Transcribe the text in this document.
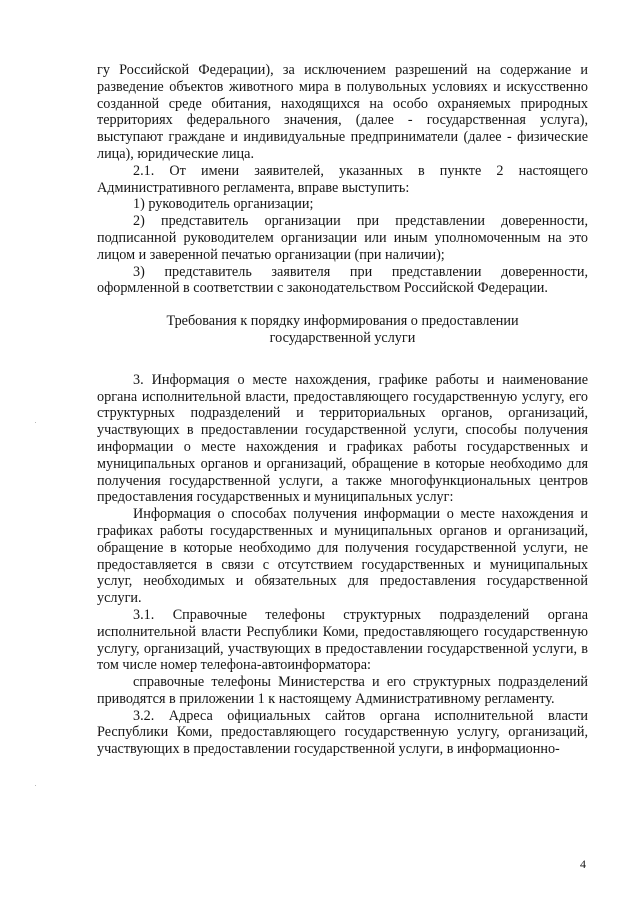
гу Российской Федерации), за исключением разрешений на содержание и разведение объектов животного мира в полувольных условиях и искусственно созданной среде обитания, находящихся на особо охраняемых природных территориях федерального значения, (далее - государственная услуга), выступают граждане и индивидуальные предприниматели (далее - физические лица), юридические лица.

2.1. От имени заявителей, указанных в пункте 2 настоящего Административного регламента, вправе выступить:

1) руководитель организации;

2) представитель организации при представлении доверенности, подписанной руководителем организации или иным уполномоченным на это лицом и заверенной печатью организации (при наличии);

3) представитель заявителя при представлении доверенности, оформленной в соответствии с законодательством Российской Федерации.

Требования к порядку информирования о предоставлении государственной услуги

3. Информация о месте нахождения, графике работы и наименование органа исполнительной власти, предоставляющего государственную услугу, его структурных подразделений и территориальных органов, организаций, участвующих в предоставлении государственной услуги, способы получения информации о месте нахождения и графиках работы государственных и муниципальных органов и организаций, обращение в которые необходимо для получения государственной услуги, а также многофункциональных центров предоставления государственных и муниципальных услуг:

Информация о способах получения информации о месте нахождения и графиках работы государственных и муниципальных органов и организаций, обращение в которые необходимо для получения государственной услуги, не предоставляется в связи с отсутствием государственных и муниципальных услуг, необходимых и обязательных для предоставления государственной услуги.

3.1. Справочные телефоны структурных подразделений органа исполнительной власти Республики Коми, предоставляющего государственную услугу, организаций, участвующих в предоставлении государственной услуги, в том числе номер телефона-автоинформатора:

справочные телефоны Министерства и его структурных подразделений приводятся в приложении 1 к настоящему Административному регламенту.

3.2. Адреса официальных сайтов органа исполнительной власти Республики Коми, предоставляющего государственную услугу, организаций, участвующих в предоставлении государственной услуги, в информационно-

4
